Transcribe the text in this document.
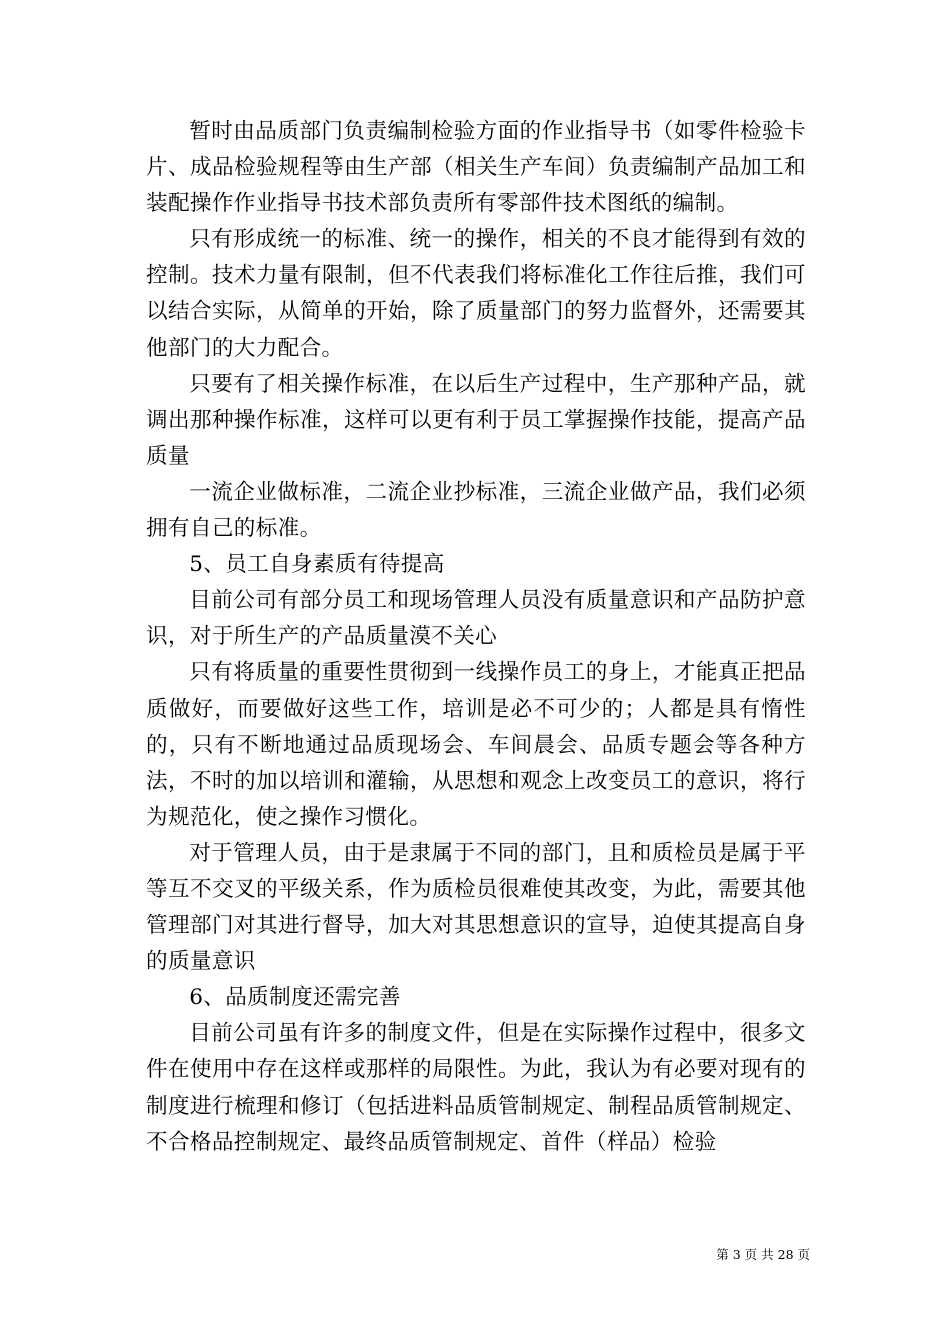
暂时由品质部门负责编制检验方面的作业指导书（如零件检验卡片、成品检验规程等由生产部（相关生产车间）负责编制产品加工和装配操作作业指导书技术部负责所有零部件技术图纸的编制。

只有形成统一的标准、统一的操作，相关的不良才能得到有效的控制。技术力量有限制，但不代表我们将标准化工作往后推，我们可以结合实际，从简单的开始，除了质量部门的努力监督外，还需要其他部门的大力配合。

只要有了相关操作标准，在以后生产过程中，生产那种产品，就调出那种操作标准，这样可以更有利于员工掌握操作技能，提高产品质量

一流企业做标准，二流企业抄标准，三流企业做产品，我们必须拥有自己的标准。

5、员工自身素质有待提高

目前公司有部分员工和现场管理人员没有质量意识和产品防护意识，对于所生产的产品质量漠不关心

只有将质量的重要性贯彻到一线操作员工的身上，才能真正把品质做好，而要做好这些工作，培训是必不可少的；人都是具有惰性的，只有不断地通过品质现场会、车间晨会、品质专题会等各种方法，不时的加以培训和灌输，从思想和观念上改变员工的意识，将行为规范化，使之操作习惯化。

对于管理人员，由于是隶属于不同的部门，且和质检员是属于平等互不交叉的平级关系，作为质检员很难使其改变，为此，需要其他管理部门对其进行督导，加大对其思想意识的宣导，迫使其提高自身的质量意识

6、品质制度还需完善

目前公司虽有许多的制度文件，但是在实际操作过程中，很多文件在使用中存在这样或那样的局限性。为此，我认为有必要对现有的制度进行梳理和修订（包括进料品质管制规定、制程品质管制规定、不合格品控制规定、最终品质管制规定、首件（样品）检验

第 3 页 共 28 页
